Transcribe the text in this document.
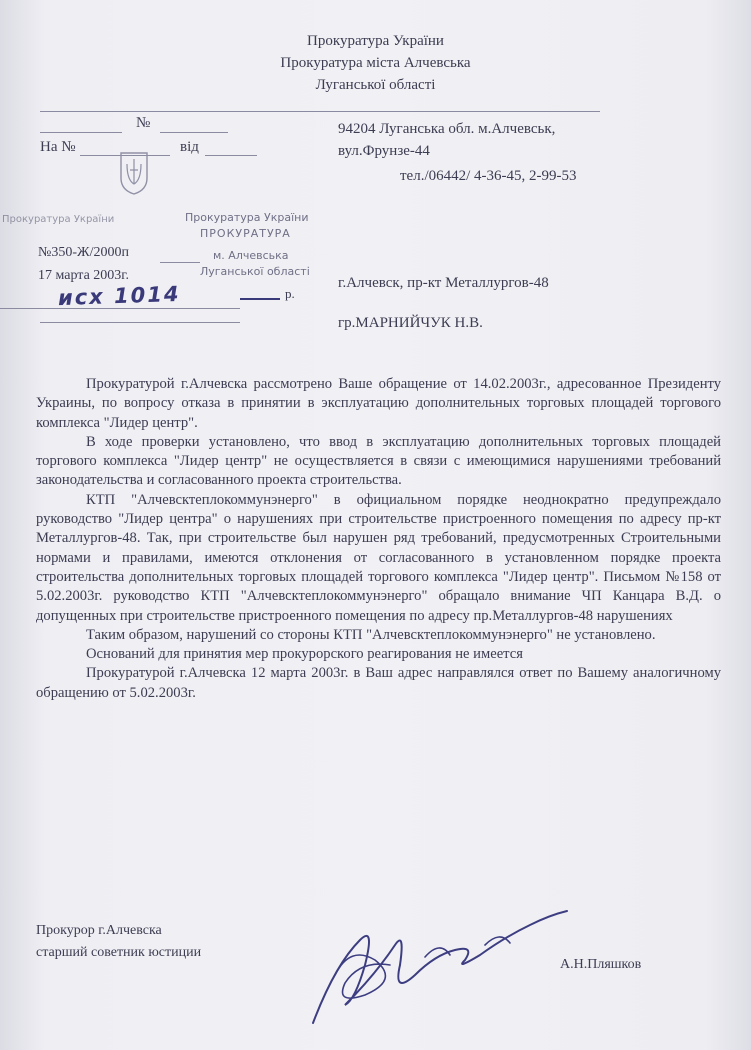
Прокуратура України
Прокуратура міста Алчевська
Луганської області
№
На №	від
94204 Луганська обл. м.Алчевськ,
вул.Фрунзе-44
тел./06442/ 4-36-45, 2-99-53
Прокуратура України	Прокуратура України
ПРОКУРАТУРА
№350-Ж/2000п	м. Алчевська
17 марта 2003г.	Луганської області
исх 1014	р.
г.Алчевск, пр-кт Металлургов-48
гр.МАРНИЙЧУК Н.В.

Прокуратурой г.Алчевска рассмотрено Ваше обращение от 14.02.2003г., адресованное Президенту Украины, по вопросу отказа в принятии в эксплуатацию дополнительных торговых площадей торгового комплекса "Лидер центр".

В ходе проверки установлено, что ввод в эксплуатацию дополнительных торговых площадей торгового комплекса "Лидер центр" не осуществляется в связи с имеющимися нарушениями требований законодательства и согласованного проекта строительства.

КТП "Алчевсктеплокоммунэнерго" в официальном порядке неоднократно предупреждало руководство "Лидер центра" о нарушениях при строительстве пристроенного помещения по адресу пр-кт Металлургов-48. Так, при строительстве был нарушен ряд требований, предусмотренных Строительными нормами и правилами, имеются отклонения от согласованного в установленном порядке проекта строительства дополнительных торговых площадей торгового комплекса "Лидер центр". Письмом №158 от 5.02.2003г. руководство КТП "Алчевсктеплокоммунэнерго" обращало внимание ЧП Канцара В.Д. о допущенных при строительстве пристроенного помещения по адресу пр.Металлургов-48 нарушениях

Таким образом, нарушений со стороны КТП "Алчевсктеплокоммунэнерго" не установлено.

Оснований для принятия мер прокурорского реагирования не имеется

Прокуратурой г.Алчевска 12 марта 2003г. в Ваш адрес направлялся ответ по Вашему аналогичному обращению от 5.02.2003г.

Прокурор г.Алчевска
старший советник юстиции
А.Н.Пляшков
